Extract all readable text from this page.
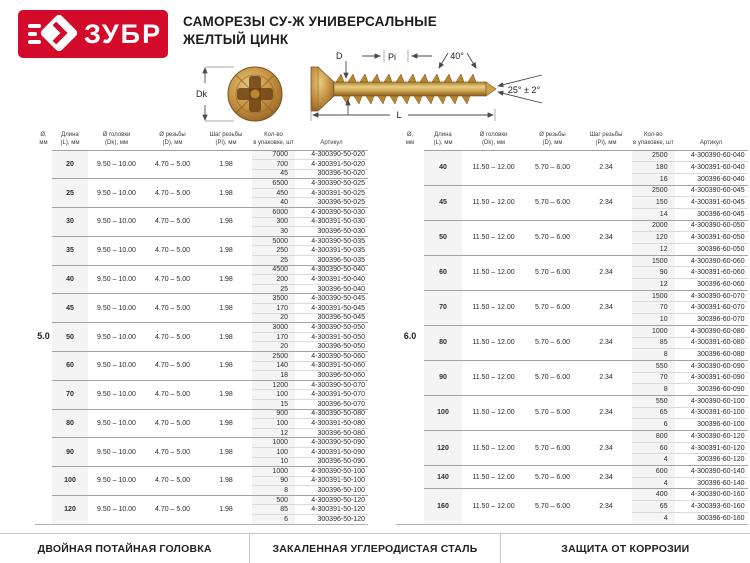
ЗУБР САМОРЕЗЫ СУ-Ж УНИВЕРСАЛЬНЫЕ
ЖЕЛТЫЙ ЦИНК
Dk
D	Pi	40°
25° ± 2°
L
Ø,
мм

Длина
(L), мм

Ø головки
(Dk), мм

Ø резьбы
(D), мм

Шаг резьбы
(Pi), мм

Кол-во
в упаковке, шт	Артикул

5.0	20	9.50 – 10.00	4.70 – 5.00	1.98	7000	4-300390-50-020
					700	4-300391-50-020
					45	300396-50-020
	25	9.50 – 10.00	4.70 – 5.00	1.98	6500	4-300390-50-025
					450	4-300391-50-025
					40	300396-50-025
	30	9.50 – 10.00	4.70 – 5.00	1.98	6000	4-300390-50-030
					300	4-300391-50-030
					30	300396-50-030
	35	9.50 – 10.00	4.70 – 5.00	1.98	5000	4-300390-50-035
					250	4-300391-50-035
					25	300396-50-035
	40	9.50 – 10.00	4.70 – 5.00	1.98	4500	4-300390-50-040
					200	4-300391-50-040
					25	300396-50-040
	45	9.50 – 10.00	4.70 – 5.00	1.98	3500	4-300390-50-045
					170	4-300391-50-045
					20	300396-50-045
	50	9.50 – 10.00	4.70 – 5.00	1.98	3000	4-300390-50-050
					170	4-300391-50-050
					20	300396-50-050
	60	9.50 – 10.00	4.70 – 5.00	1.98	2500	4-300390-50-060
					140	4-300391-50-060
					18	300396-50-060
	70	9.50 – 10.00	4.70 – 5.00	1.98	1200	4-300390-50-070
					100	4-300391-50-070
					15	300396-50-070
	80	9.50 – 10.00	4.70 – 5.00	1.98	900	4-300390-50-080
					100	4-300391-50-080
					12	300396-50-080
	90	9.50 – 10.00	4.70 – 5.00	1.98	1000	4-300390-50-090
					100	4-300391-50-090
					10	300396-50-090
	100	9.50 – 10.00	4.70 – 5.00	1.98	1000	4-300390-50-100
					90	4-300391-50-100
					8	300396-50-100
	120	9.50 – 10.00	4.70 – 5.00	1.98	500	4-300390-50-120
					85	4-300391-50-120
					6	300396-50-120
Ø,
мм

Длина
(L), мм

Ø головки
(Dk), мм

Ø резьбы
(D), мм

Шаг резьбы
(Pi), мм

Кол-во
в упаковке, шт	Артикул

6.0	40	11.50 – 12.00	5.70 – 6.00	2.34	2500	4-300390-60-040
					180	4-300391-60-040
					16	300396-60-040
	45	11.50 – 12.00	5.70 – 6.00	2.34	2500	4-300390-60-045
					150	4-300391-60-045
					14	300396-60-045
	50	11.50 – 12.00	5.70 – 6.00	2.34	2000	4-300390-60-050
					120	4-300391-60-050
					12	300396-60-050
	60	11.50 – 12.00	5.70 – 6.00	2.34	1500	4-300390-60-060
					90	4-300391-60-060
					12	300396-60-060
	70	11.50 – 12.00	5.70 – 6.00	2.34	1500	4-300390-60-070
					70	4-300391-60-070
					10	300396-60-070
	80	11.50 – 12.00	5.70 – 6.00	2.34	1000	4-300390-60-080
					85	4-300391-60-080
					8	300396-60-080
	90	11.50 – 12.00	5.70 – 6.00	2.34	550	4-300390-60-090
					70	4-300391-60-090
					8	300396-60-090
	100	11.50 – 12.00	5.70 – 6.00	2.34	550	4-300390-60-100
					65	4-300391-60-100
					6	300396-60-100
	120	11.50 – 12.00	5.70 – 6.00	2.34	800	4-300390-60-120
					60	4-300391-60-120
					4	300396-60-120
	140	11.50 – 12.00	5.70 – 6.00	2.34	600	4-300390-60-140
					4	300396-60-140
	160	11.50 – 12.00	5.70 – 6.00	2.34	400	4-300390-60-160
					65	4-300393-60-160
					4	300396-60-160
ДВОЙНАЯ ПОТАЙНАЯ ГОЛОВКА	ЗАКАЛЕННАЯ УГЛЕРОДИСТАЯ СТАЛЬ	ЗАЩИТА ОТ КОРРОЗИИ
